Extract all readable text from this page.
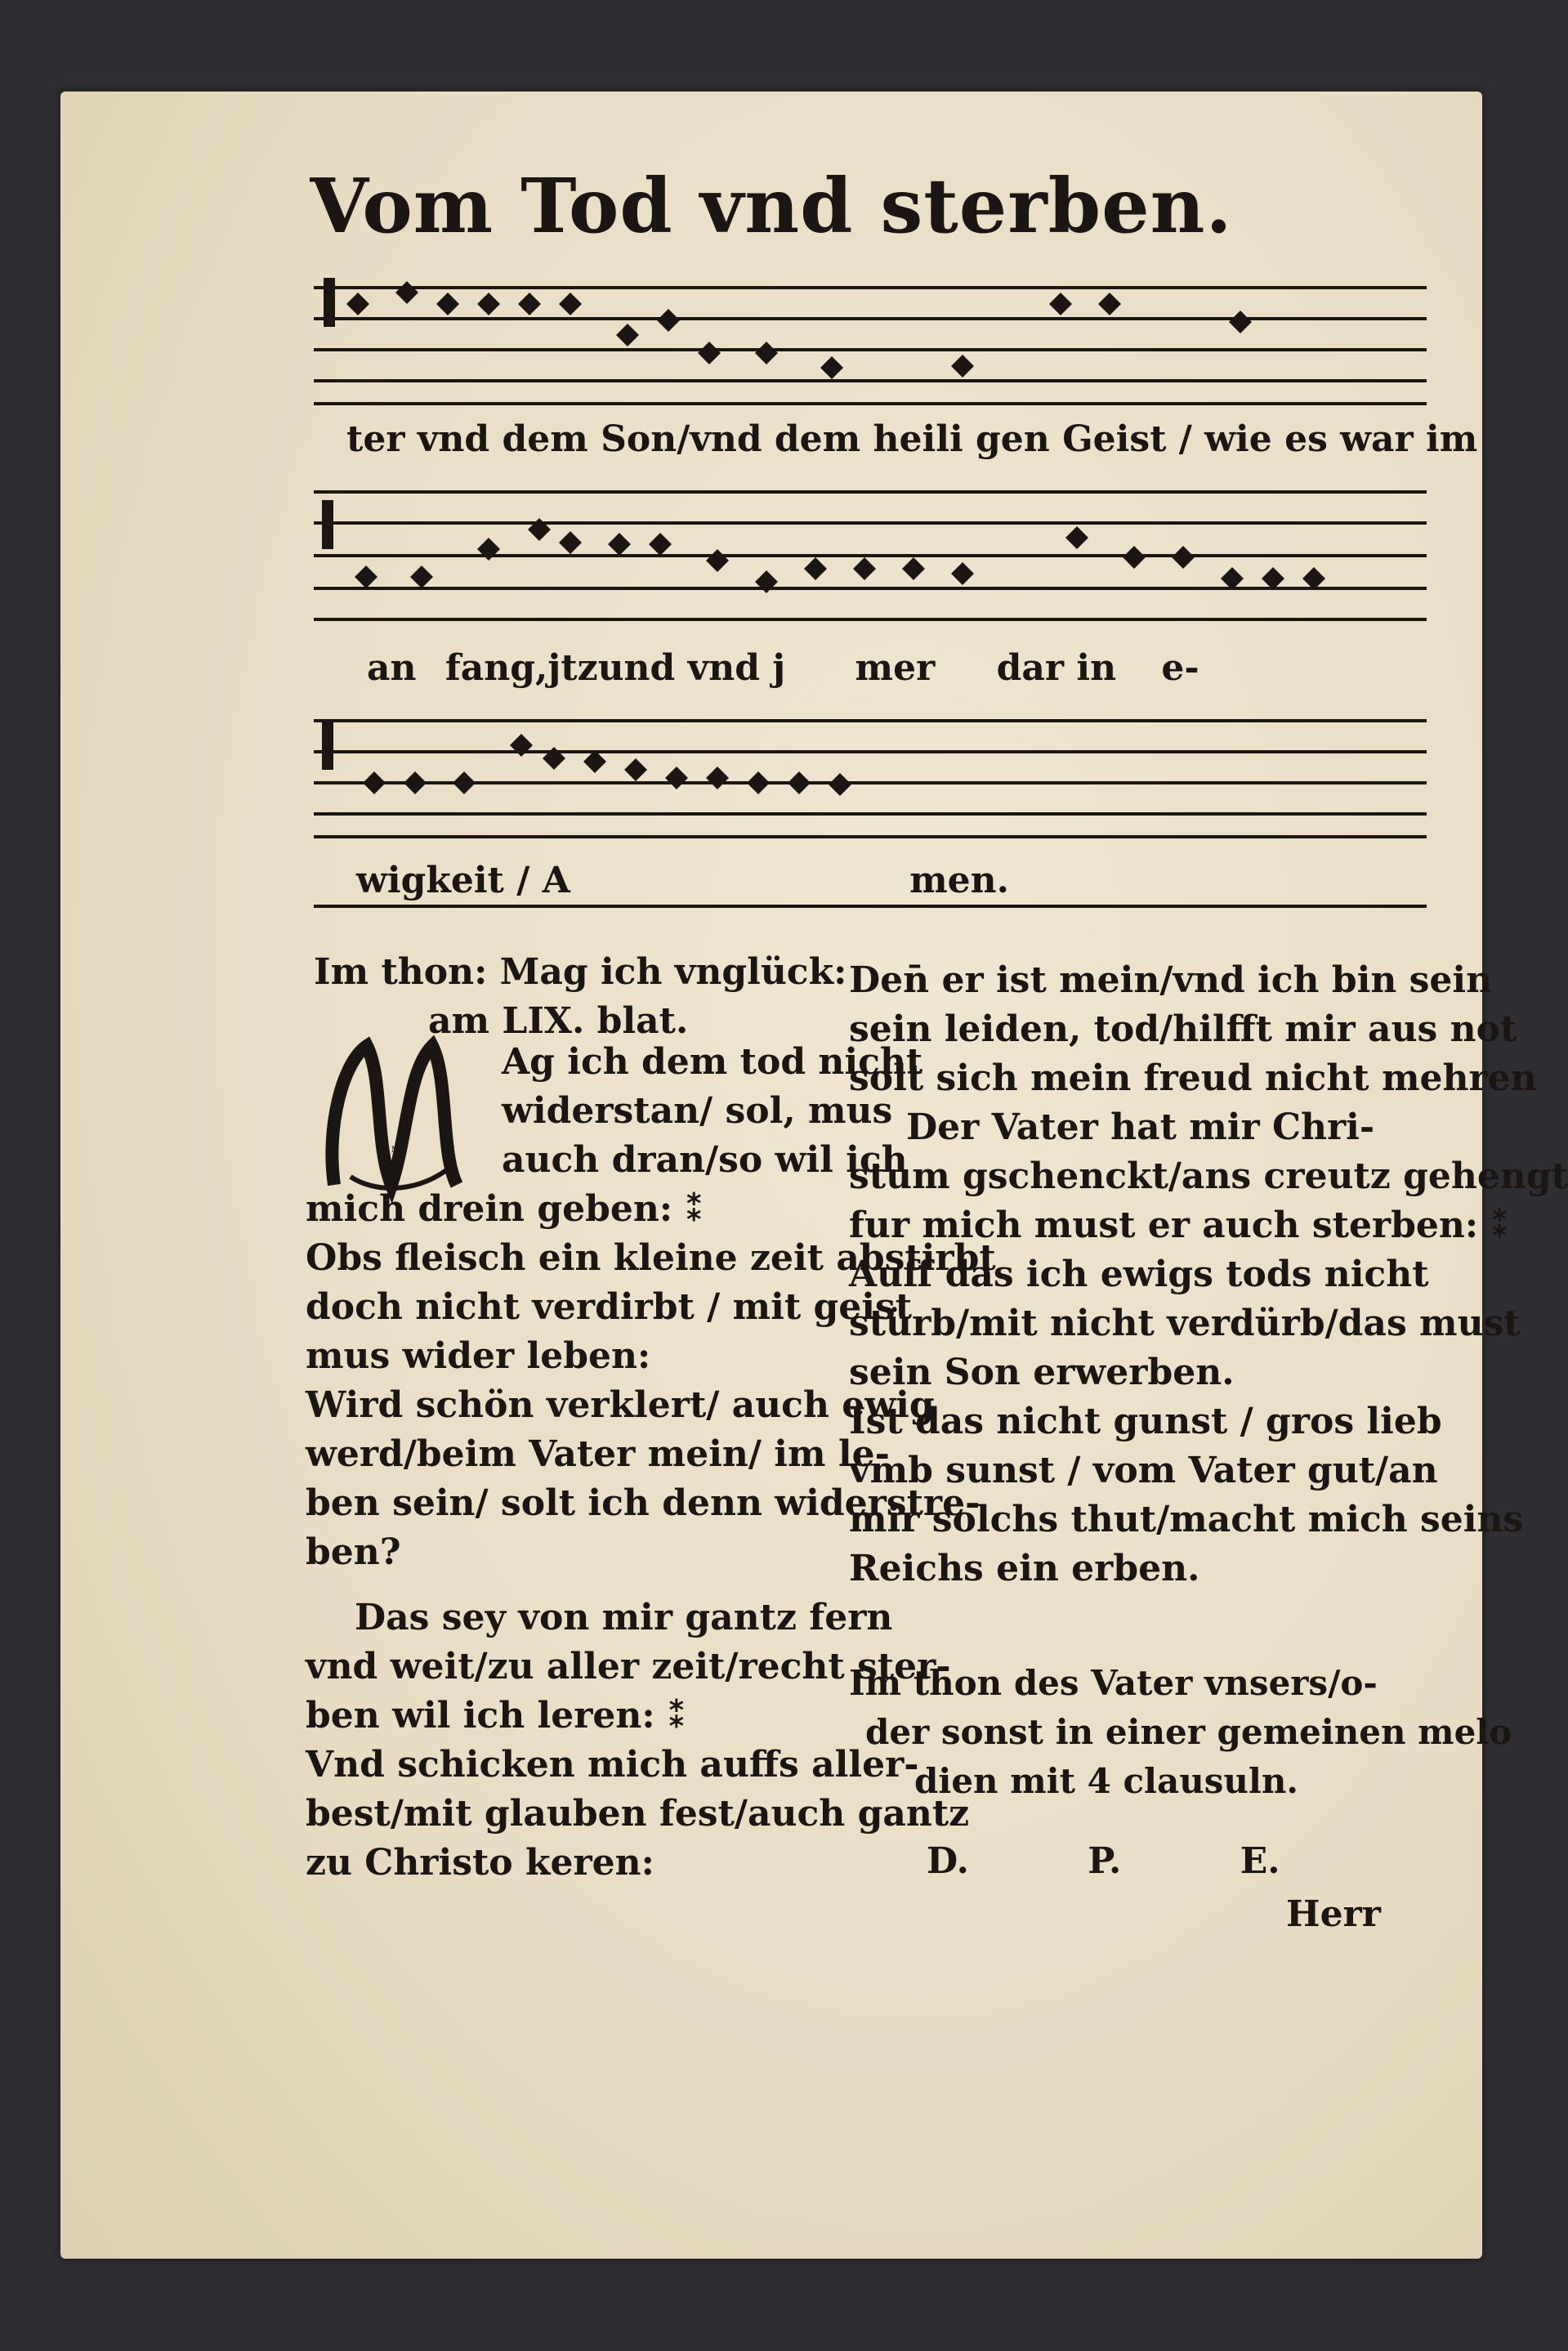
Vom Tod vnd sterben.
ter vnd dem Son/vnd dem heili gen Geist / wie es war im
an fang,jtzund vnd j mer dar in e-
wigkeit / A	men.
Im thon: Mag ich vnglück:
am LIX. blat.
M
Ag ich dem tod nicht
widerstan/ sol, mus
auch dran/so wil ich
mich drein geben: ⁑
Obs fleisch ein kleine zeit abstirbt
doch nicht verdirbt / mit geist
mus wider leben:
Wird schön verklert/ auch ewig
werd/beim Vater mein/ im le-
ben sein/ solt ich denn widerstre-
ben?
Das sey von mir gantz fern
vnd weit/zu aller zeit/recht ster-
ben wil ich leren: ⁑
Vnd schicken mich auffs aller-
best/mit glauben fest/auch gantz
zu Christo keren:
Den̄ er ist mein/vnd ich bin sein
sein leiden, tod/hilfft mir aus not
solt sich mein freud nicht mehren
Der Vater hat mir Chri-
stum gschenckt/ans creutz gehengt
fur mich must er auch sterben: ⁑
Auff das ich ewigs tods nicht
stürb/mit nicht verdürb/das must
sein Son erwerben.
Ist das nicht gunst / gros lieb
vmb sunst / vom Vater gut/an
mir solchs thut/macht mich seins
Reichs ein erben.
Im thon des Vater vnsers/o-
der sonst in einer gemeinen melo
dien mit 4 clausuln.
D.	P.	E.
Herr
